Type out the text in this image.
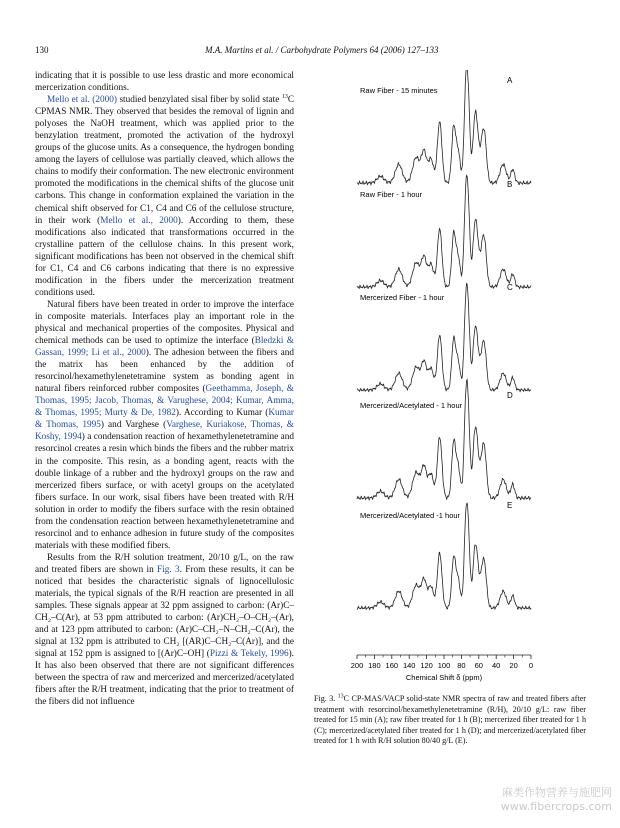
130	M.A. Martins et al. / Carbohydrate Polymers 64 (2006) 127–133

indicating that it is possible to use less drastic and more economical mercerization conditions.

Mello et al. (2000) studied benzylated sisal fiber by solid state $^{13}$C CPMAS NMR. They observed that besides the removal of lignin and polyoses the NaOH treatment, which was applied prior to the benzylation treatment, promoted the activation of the hydroxyl groups of the glucose units. As a consequence, the hydrogen bonding among the layers of cellulose was partially cleaved, which allows the chains to modify their conformation. The new electronic environment promoted the modifications in the chemical shifts of the glucose unit carbons. This change in conformation explained the variation in the chemical shift observed for C1, C4 and C6 of the cellulose structure, in their work (Mello et al., 2000). According to them, these modifications also indicated that transformations occurred in the crystalline pattern of the cellulose chains. In this present work, significant modifications has been not observed in the chemical shift for C1, C4 and C6 carbons indicating that there is no expressive modification in the fibers under the mercerization treatment conditions used.

Natural fibers have been treated in order to improve the interface in composite materials. Interfaces play an important role in the physical and mechanical properties of the composites. Physical and chemical methods can be used to optimize the interface (Bledzki & Gassan, 1999; Li et al., 2000). The adhesion between the fibers and the matrix has been enhanced by the addition of resorcinol/hexamethylenetetramine system as bonding agent in natural fibers reinforced rubber composites (Geethamma, Joseph, & Thomas, 1995; Jacob, Thomas, & Varughese, 2004; Kumar, Amma, & Thomas, 1995; Murty & De, 1982). According to Kumar (Kumar & Thomas, 1995) and Varghese (Varghese, Kuriakose, Thomas, & Koshy, 1994) a condensation reaction of hexamethylenetetramine and resorcinol creates a resin which binds the fibers and the rubber matrix in the composite. This resin, as a bonding agent, reacts with the double linkage of a rubber and the hydroxyl groups on the raw and mercerized fibers surface, or with acetyl groups on the acetylated fibers surface. In our work, sisal fibers have been treated with R/H solution in order to modify the fibers surface with the resin obtained from the condensation reaction between hexamethylenetetramine and resorcinol and to enhance adhesion in future study of the composites materials with these modified fibers.

Results from the R/H solution treatment, 20/10 g/L, on the raw and treated fibers are shown in Fig. 3. From these results, it can be noticed that besides the characteristic signals of lignocellulosic materials, the typical signals of the R/H reaction are presented in all samples. These signals appear at 32 ppm assigned to carbon: (Ar)C–CH₂–C(Ar), at 53 ppm attributed to carbon: (Ar)CH₂–O–CH₂–(Ar), and at 123 ppm attributed to carbon: (Ar)C–CH₂–N–CH₂–C(Ar), the signal at 132 ppm is attributed to CH₂ [(AR)C–CH₂–C(Ar)], and the signal at 152 ppm is assigned to [(Ar)C–OH] (Pizzi & Tekely, 1996). It has also been observed that there are not significant differences between the spectra of raw and mercerized and mercerized/acetylated fibers after the R/H treatment, indicating that the prior to treatment of the fibers did not influence

Raw Fiber - 15 minutes
A
Raw Fiber - 1 hour
B
Mercerized Fiber - 1 hour
C
Mercerized/Acetylated - 1 hour
D
Mercerized/Acetylated -1 hour
E
200 180 160 140 120 100 80 60 40 20 0
Chemical Shift δ (ppm)
Fig. 3. $^{13}$C CP-MAS/VACP solid-state NMR spectra of raw and treated fibers after treatment with resorcinol/hexamethylenetetramine (R/H), 20/10 g/L: raw fiber treated for 15 min (A); raw fiber treated for 1 h (B); mercerized fiber treated for 1 h (C); mercerized/acetylated fiber treated for 1 h (D); and mercerized/acetylated fiber treated for 1 h with R/H solution 80/40 g/L (E).
麻类作物营养与施肥网
www.fibercrops.com
